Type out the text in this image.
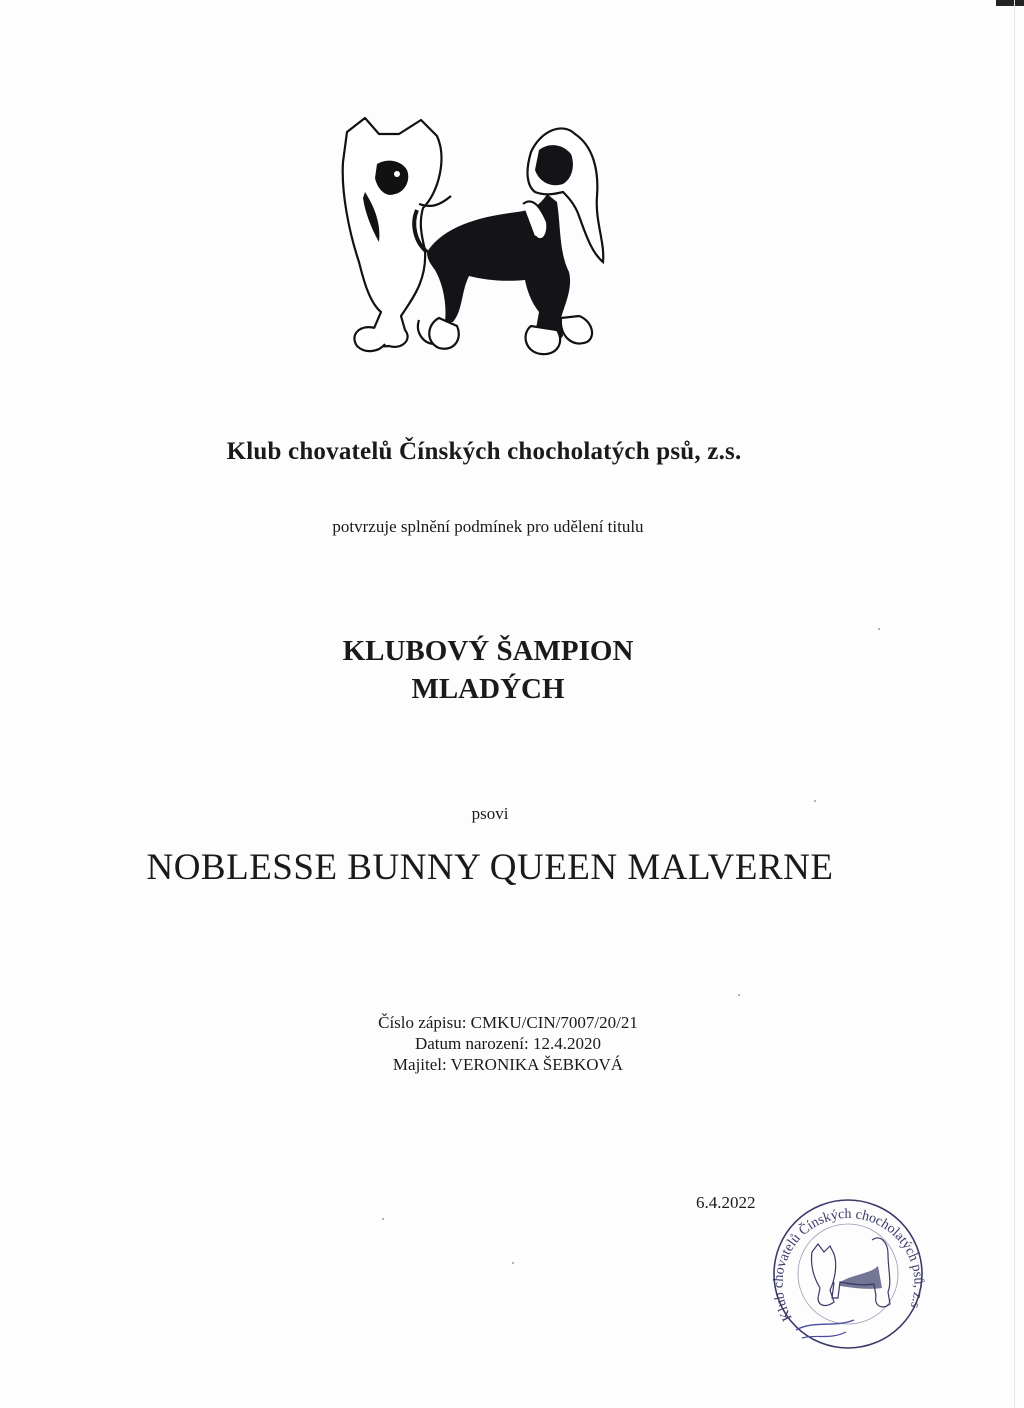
Klub chovatelů Čínských chocholatých psů, z.s.
potvrzuje splnění podmínek pro udělení titulu
KLUBOVÝ ŠAMPION
MLADÝCH
psovi
NOBLESSE BUNNY QUEEN MALVERNE
Číslo zápisu: CMKU/CIN/7007/20/21
Datum narození: 12.4.2020
Majitel: VERONIKA ŠEBKOVÁ
6.4.2022
Klub chovatelů Čínských chocholatých psů, z.s
